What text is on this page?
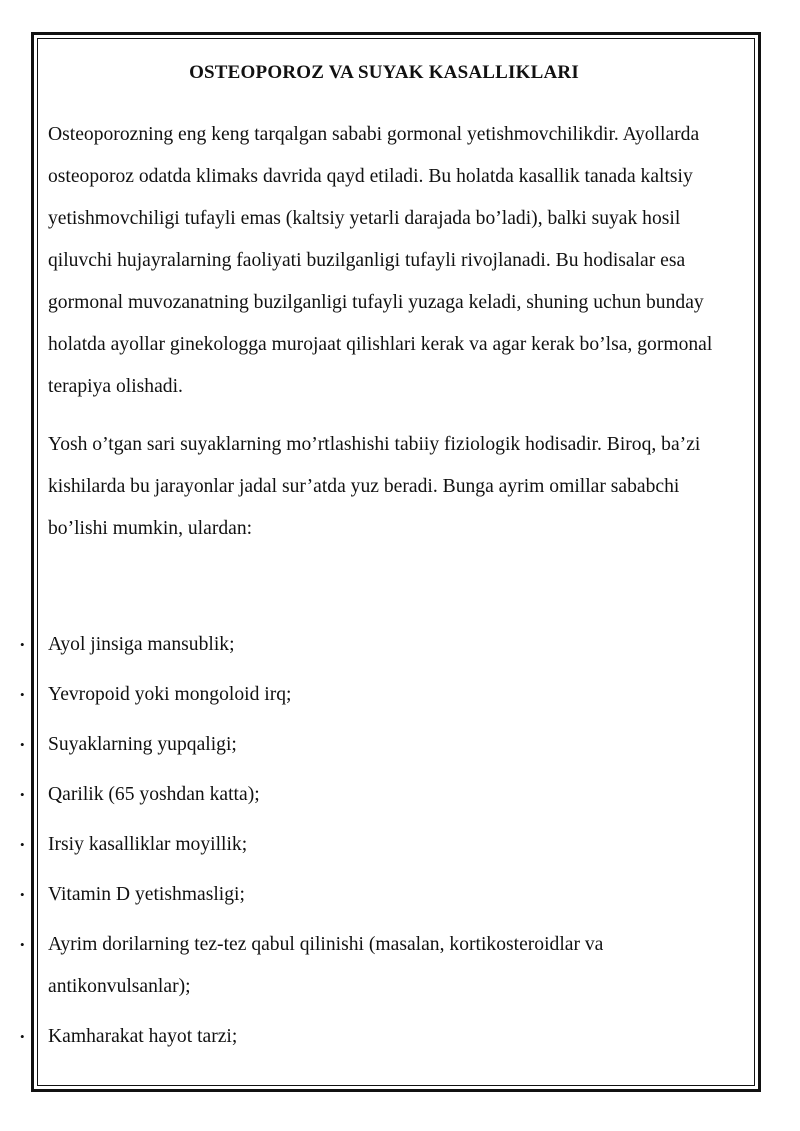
OSTEOPOROZ VA SUYAK KASALLIKLARI

Osteoporozning eng keng tarqalgan sababi gormonal yetishmovchilikdir. Ayollarda osteoporoz odatda klimaks davrida qayd etiladi. Bu holatda kasallik tanada kaltsiy yetishmovchiligi tufayli emas (kaltsiy yetarli darajada bo’ladi), balki suyak hosil qiluvchi hujayralarning faoliyati buzilganligi tufayli rivojlanadi. Bu hodisalar esa gormonal muvozanatning buzilganligi tufayli yuzaga keladi, shuning uchun bunday holatda ayollar ginekologga murojaat qilishlari kerak va agar kerak bo’lsa, gormonal terapiya olishadi.

Yosh o’tgan sari suyaklarning mo’rtlashishi tabiiy fiziologik hodisadir. Biroq, ba’zi kishilarda bu jarayonlar jadal sur’atda yuz beradi. Bunga ayrim omillar sababchi bo’lishi mumkin, ulardan:

• Ayol jinsiga mansublik;
• Yevropoid yoki mongoloid irq;
• Suyaklarning yupqaligi;
• Qarilik (65 yoshdan katta);
• Irsiy kasalliklar moyillik;
• Vitamin D yetishmasligi;
• Ayrim dorilarning tez-tez qabul qilinishi (masalan, kortikosteroidlar va antikonvulsanlar);
• Kamharakat hayot tarzi;
